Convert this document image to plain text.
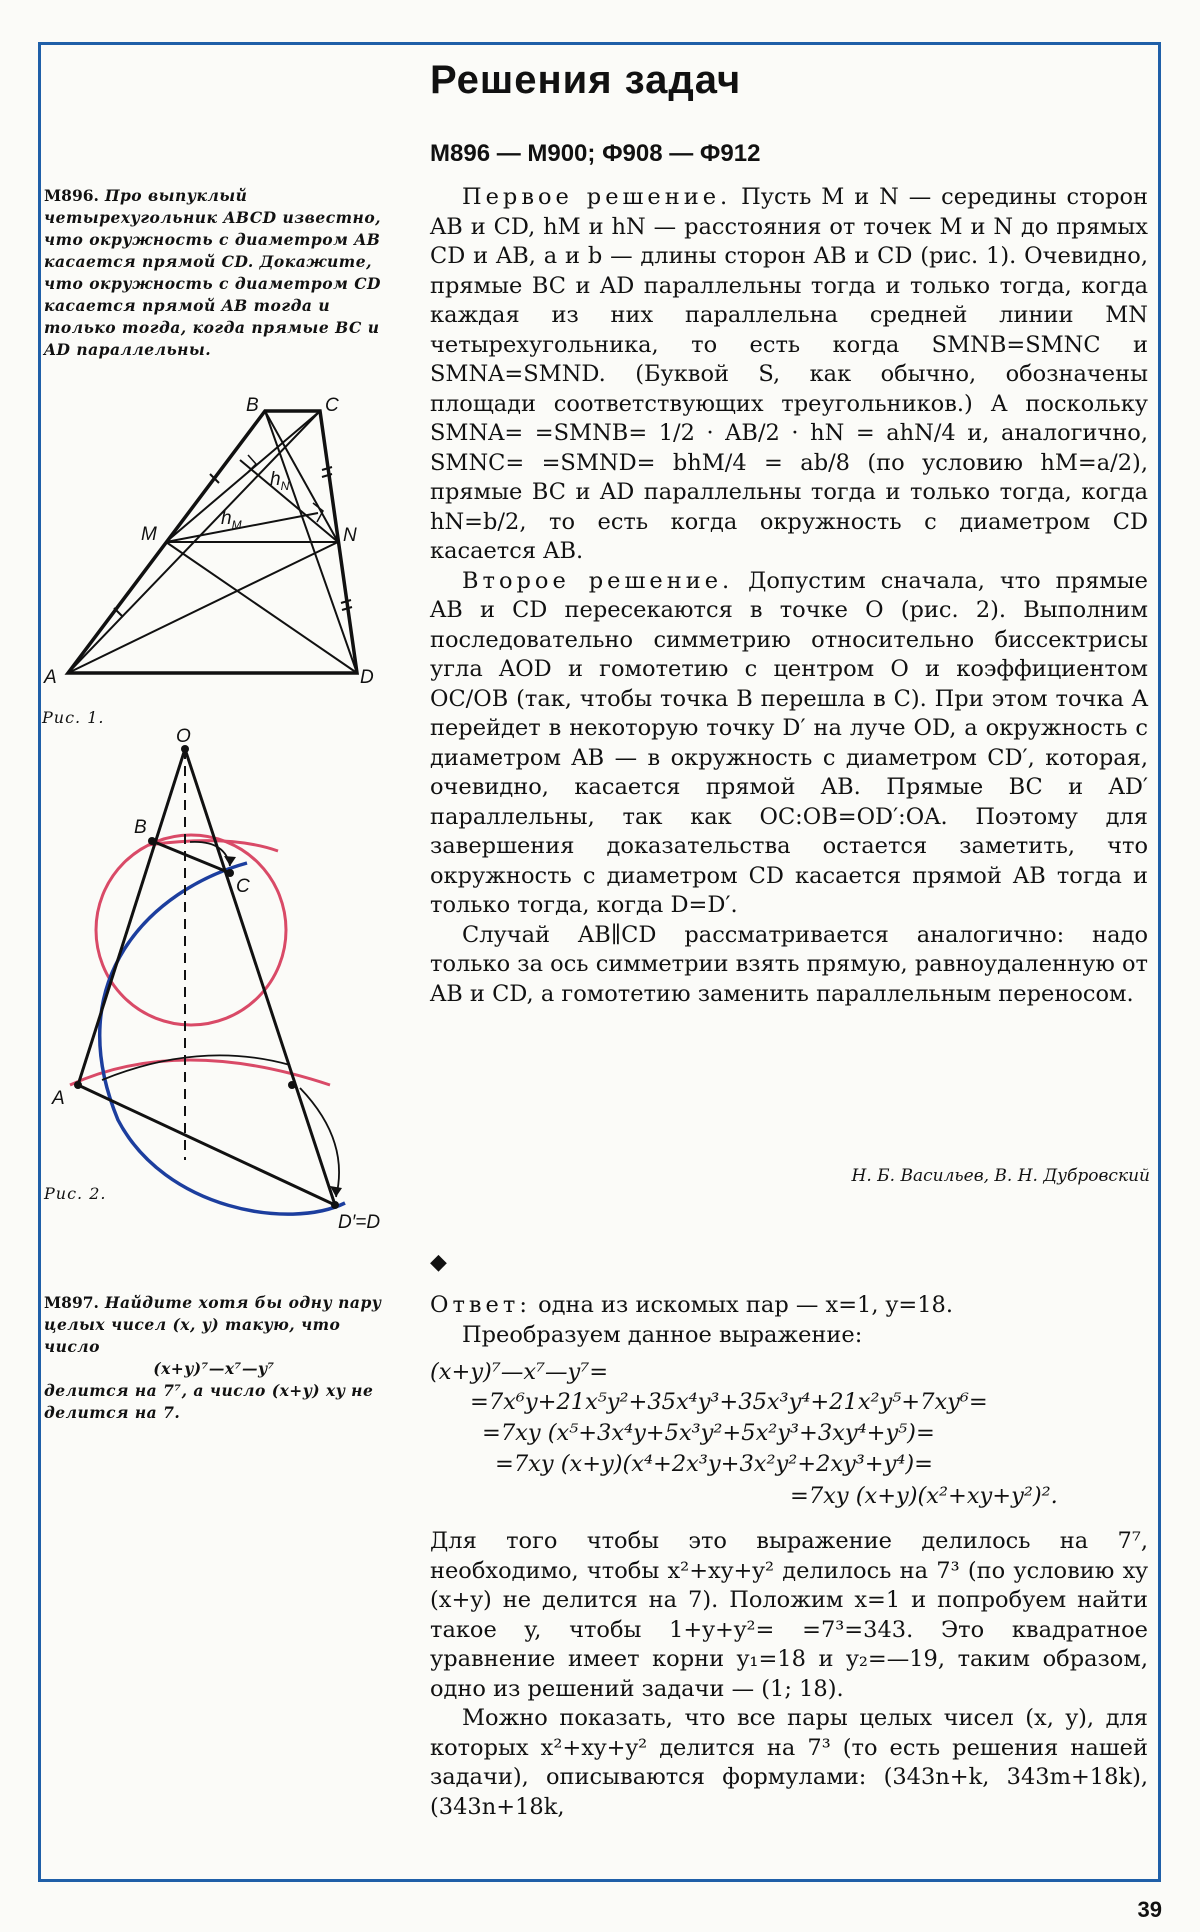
Решения задач
М896 — М900; Ф908 — Ф912
М896. Про выпуклый четырехугольник ABCD известно, что окружность с диаметром AB касается прямой CD. Докажите, что окружность с диаметром CD касается прямой AB тогда и только тогда, когда прямые BC и AD параллельны.
A
B	C
D
M	N
$h_N$
$h_M$
Рис. 1.
O
A
B
C
D′=D
Рис. 2.

Первое решение. Пусть M и N — середины сторон AB и CD, hM и hN — расстояния от точек M и N до прямых CD и AB, a и b — длины сторон AB и CD (рис. 1). Очевидно, прямые BC и AD параллельны тогда и только тогда, когда каждая из них параллельна средней линии MN четырехугольника, то есть когда SMNB=SMNC и SMNA=SMND. (Буквой S, как обычно, обозначены площади соответствующих треугольников.) А поскольку SMNA= =SMNB= 1/2 · AB/2 · hN = ahN/4 и, аналогично, SMNC= =SMND= bhM/4 = ab/8 (по условию hM=a/2), прямые BC и AD параллельны тогда и только тогда, когда hN=b/2, то есть когда окружность с диаметром CD касается AB.

Второе решение. Допустим сначала, что прямые AB и CD пересекаются в точке O (рис. 2). Выполним последовательно симметрию относительно биссектрисы угла AOD и гомотетию с центром O и коэффициентом OC/OB (так, чтобы точка B перешла в C). При этом точка A перейдет в некоторую точку D′ на луче OD, а окружность с диаметром AB — в окружность с диаметром CD′, которая, очевидно, касается прямой AB. Прямые BC и AD′ параллельны, так как OC:OB=OD′:OA. Поэтому для завершения доказательства остается заметить, что окружность с диаметром CD касается прямой AB тогда и только тогда, когда D=D′.

Случай AB∥CD рассматривается аналогично: надо только за ось симметрии взять прямую, равноудаленную от AB и CD, а гомотетию заменить параллельным переносом.

Н. Б. Васильев, В. Н. Дубровский
◆
М897. Найдите хотя бы одну пару целых чисел (x, y) такую, что число
(x+y)⁷—x⁷—y⁷
делится на 7⁷, а число (x+y) xy не делится на 7.

Ответ: одна из искомых пар — x=1, y=18.

Преобразуем данное выражение:

(x+y)⁷—x⁷—y⁷=
=7x⁶y+21x⁵y²+35x⁴y³+35x³y⁴+21x²y⁵+7xy⁶=
=7xy (x⁵+3x⁴y+5x³y²+5x²y³+3xy⁴+y⁵)=
=7xy (x+y)(x⁴+2x³y+3x²y²+2xy³+y⁴)=
=7xy (x+y)(x²+xy+y²)².

Для того чтобы это выражение делилось на 7⁷, необходимо, чтобы x²+xy+y² делилось на 7³ (по условию xy (x+y) не делится на 7). Положим x=1 и попробуем найти такое y, чтобы 1+y+y²= =7³=343. Это квадратное уравнение имеет корни y₁=18 и y₂=—19, таким образом, одно из решений задачи — (1; 18).

Можно показать, что все пары целых чисел (x, y), для которых x²+xy+y² делится на 7³ (то есть решения нашей задачи), описываются формулами: (343n+k, 343m+18k), (343n+18k,

39
